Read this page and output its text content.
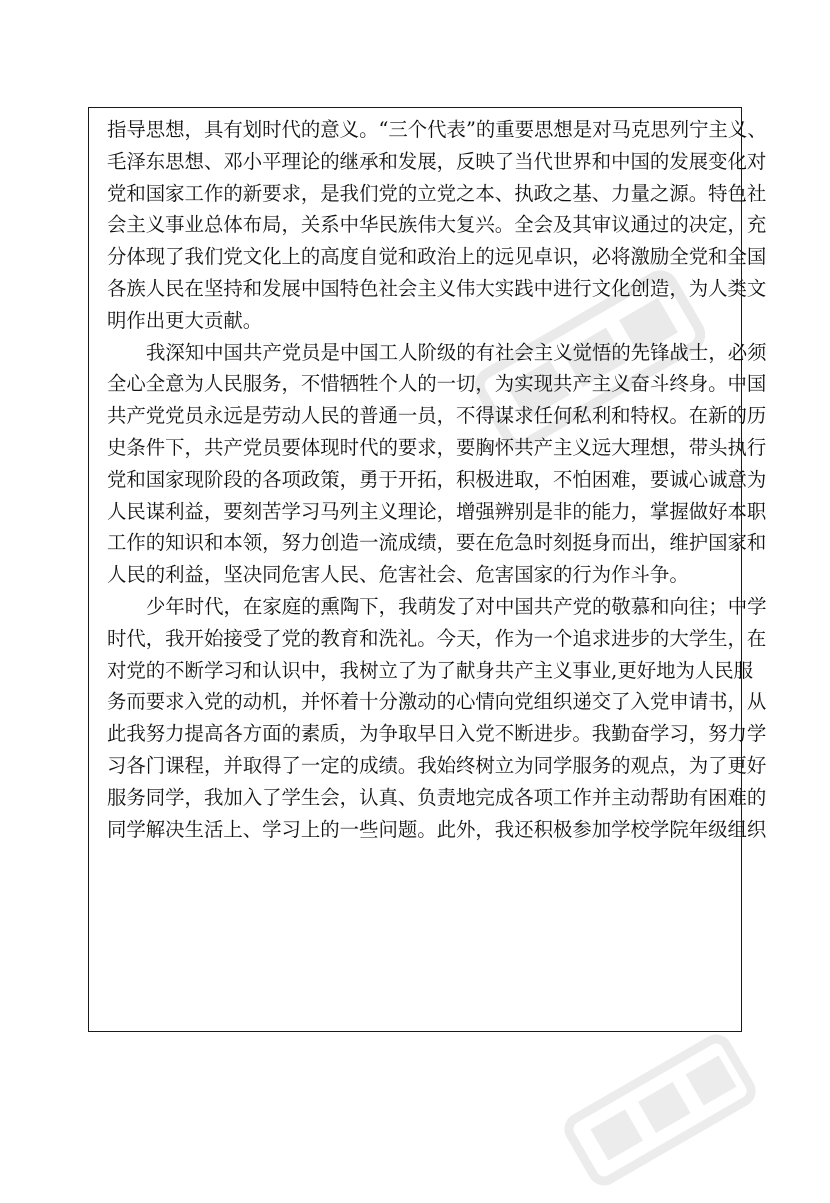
指导思想，具有划时代的意义。“三个代表”的重要思想是对马克思列宁主义、
毛泽东思想、邓小平理论的继承和发展，反映了当代世界和中国的发展变化对
党和国家工作的新要求，是我们党的立党之本、执政之基、力量之源。特色社
会主义事业总体布局，关系中华民族伟大复兴。全会及其审议通过的决定，充
分体现了我们党文化上的高度自觉和政治上的远见卓识，必将激励全党和全国
各族人民在坚持和发展中国特色社会主义伟大实践中进行文化创造，为人类文
明作出更大贡献。
我深知中国共产党员是中国工人阶级的有社会主义觉悟的先锋战士，必须
全心全意为人民服务，不惜牺牲个人的一切，为实现共产主义奋斗终身。中国
共产党党员永远是劳动人民的普通一员，不得谋求任何私利和特权。在新的历
史条件下，共产党员要体现时代的要求，要胸怀共产主义远大理想，带头执行
党和国家现阶段的各项政策，勇于开拓，积极进取，不怕困难，要诚心诚意为
人民谋利益，要刻苦学习马列主义理论，增强辨别是非的能力，掌握做好本职
工作的知识和本领，努力创造一流成绩，要在危急时刻挺身而出，维护国家和
人民的利益，坚决同危害人民、危害社会、危害国家的行为作斗争。
少年时代，在家庭的熏陶下，我萌发了对中国共产党的敬慕和向往；中学
时代，我开始接受了党的教育和洗礼。今天，作为一个追求进步的大学生，在
对党的不断学习和认识中，我树立了为了献身共产主义事业,更好地为人民服
务而要求入党的动机，并怀着十分激动的心情向党组织递交了入党申请书，从
此我努力提高各方面的素质，为争取早日入党不断进步。我勤奋学习，努力学
习各门课程，并取得了一定的成绩。我始终树立为同学服务的观点，为了更好
服务同学，我加入了学生会，认真、负责地完成各项工作并主动帮助有困难的
同学解决生活上、学习上的一些问题。此外，我还积极参加学校学院年级组织
